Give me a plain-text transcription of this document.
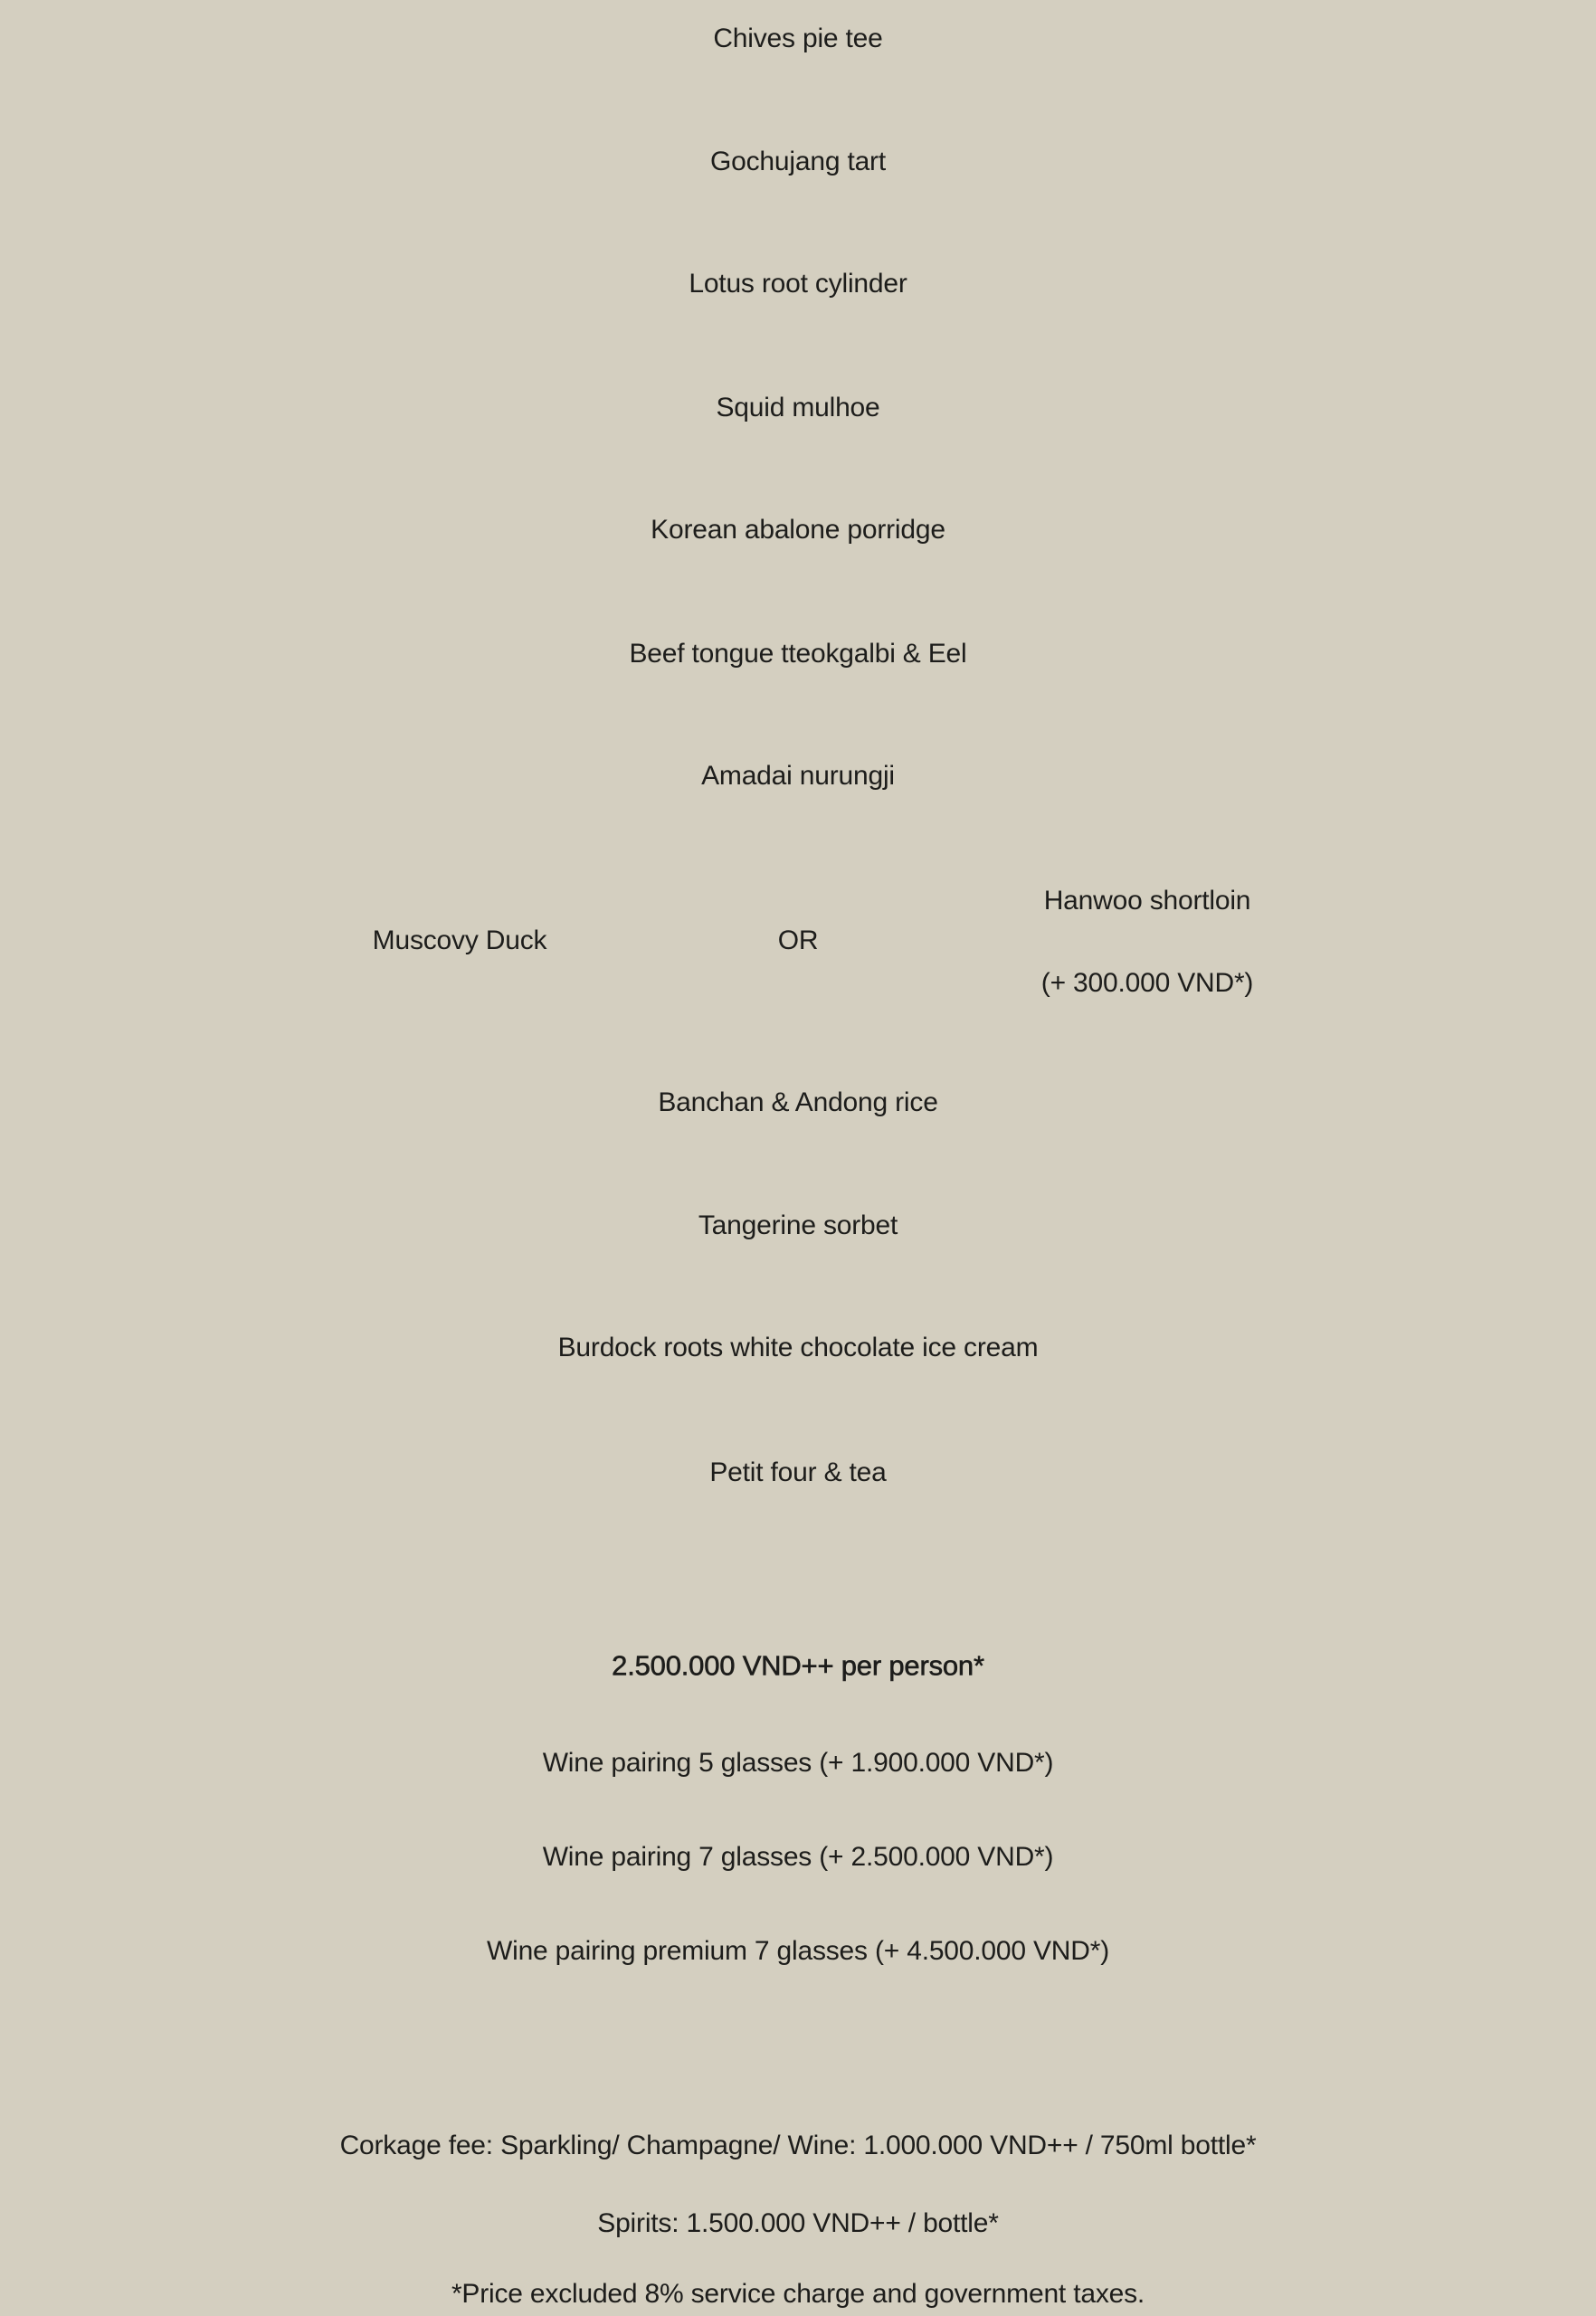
Chives pie tee
Gochujang tart
Lotus root cylinder
Squid mulhoe
Korean abalone porridge
Beef tongue tteokgalbi & Eel
Amadai nurungji
Muscovy Duck	OR
Hanwoo shortloin
(+ 300.000 VND*)
Banchan & Andong rice
Tangerine sorbet
Burdock roots white chocolate ice cream
Petit four & tea
2.500.000 VND++ per person*
Wine pairing 5 glasses (+ 1.900.000 VND*)
Wine pairing 7 glasses (+ 2.500.000 VND*)
Wine pairing premium 7 glasses (+ 4.500.000 VND*)
Corkage fee: Sparkling/ Champagne/ Wine: 1.000.000 VND++ / 750ml bottle*
Spirits: 1.500.000 VND++ / bottle*
*Price excluded 8% service charge and government taxes.
